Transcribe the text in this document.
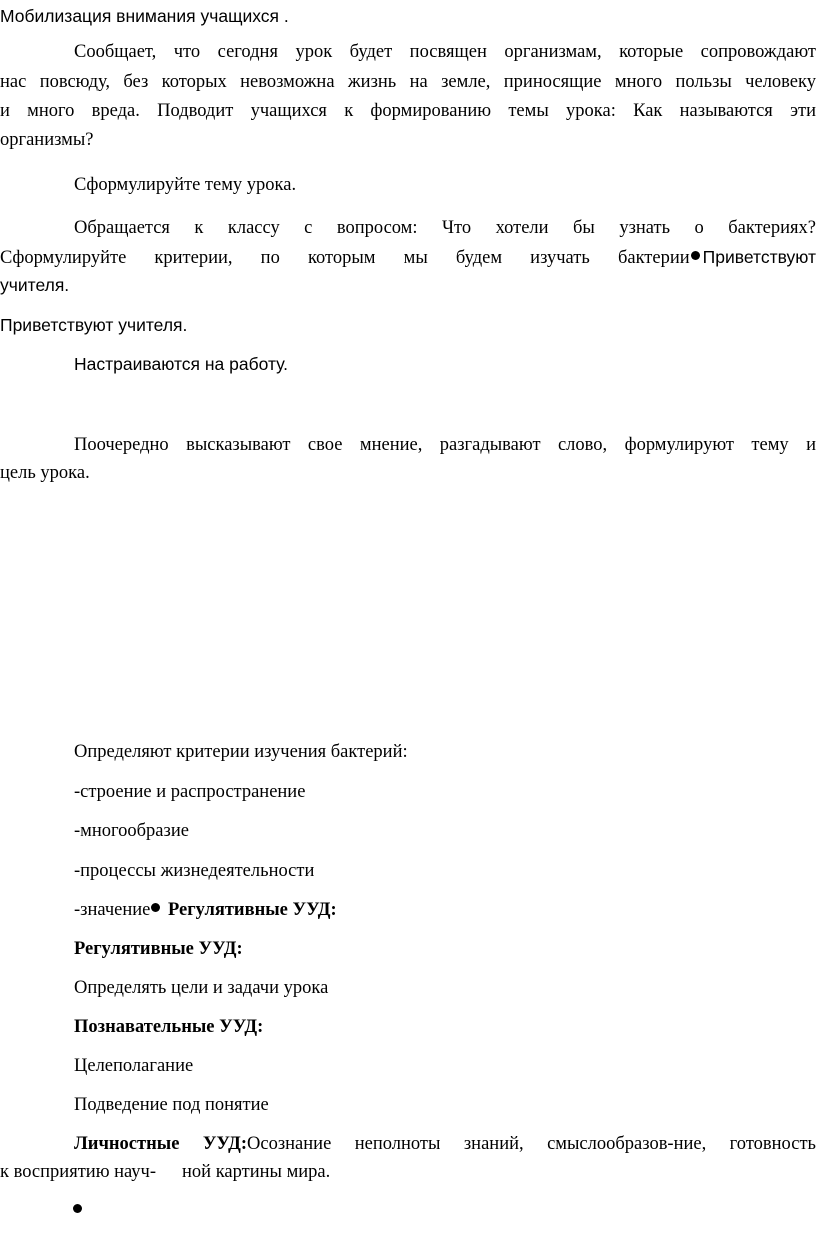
Мобилизация внимания учащихся .
Сообщает, что сегодня урок будет посвящен организмам, которые сопровождают
нас повсюду, без которых невозможна жизнь на земле, приносящие много пользы человеку
и много вреда. Подводит учащихся к формированию темы урока: Как называются эти
организмы?
Сформулируйте тему урока.
Обращается к классу с вопросом: Что хотели бы узнать о бактериях?
Сформулируйте критерии, по которым мы будем изучать бактерии Приветствуют
учителя.
Приветствуют учителя.
Настраиваются на работу.
Поочередно высказывают свое мнение, разгадывают слово, формулируют тему и
цель урока.
Определяют критерии изучения бактерий:
-строение и распространение
-многообразие
-процессы жизнедеятельности
-значение Регулятивные УУД:
Регулятивные УУД:
Определять цели и задачи урока
Познавательные УУД:
Целеполагание
Подведение под понятие
Личностные УУД:Осознание неполноты знаний, смыслообразов-ние, готовность
к восприятию науч- ной картины мира.
